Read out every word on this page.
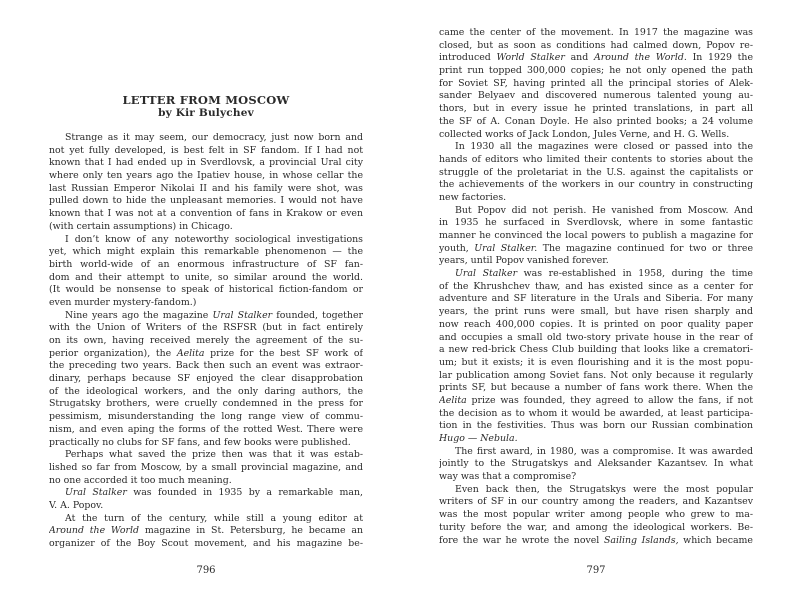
LETTER FROM MOSCOW
by Kir Bulychev
Strange as it may seem, our democracy, just now born and
not yet fully developed, is best felt in SF fandom. If I had not
known that I had ended up in Sverdlovsk, a provincial Ural city
where only ten years ago the Ipatiev house, in whose cellar the
last Russian Emperor Nikolai II and his family were shot, was
pulled down to hide the unpleasant memories. I would not have
known that I was not at a convention of fans in Krakow or even
(with certain assumptions) in Chicago.
I don’t know of any noteworthy sociological investigations
yet, which might explain this remarkable phenomenon — the
birth world-wide of an enormous infrastructure of SF fan-
dom and their attempt to unite, so similar around the world.
(It would be nonsense to speak of historical fiction-fandom or
even murder mystery-fandom.)
Nine years ago the magazine Ural Stalker founded, together
with the Union of Writers of the RSFSR (but in fact entirely
on its own, having received merely the agreement of the su-
perior organization), the Aelita prize for the best SF work of
the preceding two years. Back then such an event was extraor-
dinary, perhaps because SF enjoyed the clear disapprobation
of the ideological workers, and the only daring authors, the
Strugatsky brothers, were cruelly condemned in the press for
pessimism, misunderstanding the long range view of commu-
nism, and even aping the forms of the rotted West. There were
practically no clubs for SF fans, and few books were published.
Perhaps what saved the prize then was that it was estab-
lished so far from Moscow, by a small provincial magazine, and
no one accorded it too much meaning.
Ural Stalker was founded in 1935 by a remarkable man,
V. A. Popov.
At the turn of the century, while still a young editor at
Around the World magazine in St. Petersburg, he became an
organizer of the Boy Scout movement, and his magazine be-
796
came the center of the movement. In 1917 the magazine was
closed, but as soon as conditions had calmed down, Popov re-
introduced World Stalker and Around the World. In 1929 the
print run topped 300,000 copies; he not only opened the path
for Soviet SF, having printed all the principal stories of Alek-
sander Belyaev and discovered numerous talented young au-
thors, but in every issue he printed translations, in part all
the SF of A. Conan Doyle. He also printed books; a 24 volume
collected works of Jack London, Jules Verne, and H. G. Wells.
In 1930 all the magazines were closed or passed into the
hands of editors who limited their contents to stories about the
struggle of the proletariat in the U.S. against the capitalists or
the achievements of the workers in our country in constructing
new factories.
But Popov did not perish. He vanished from Moscow. And
in 1935 he surfaced in Sverdlovsk, where in some fantastic
manner he convinced the local powers to publish a magazine for
youth, Ural Stalker. The magazine continued for two or three
years, until Popov vanished forever.
Ural Stalker was re-established in 1958, during the time
of the Khrushchev thaw, and has existed since as a center for
adventure and SF literature in the Urals and Siberia. For many
years, the print runs were small, but have risen sharply and
now reach 400,000 copies. It is printed on poor quality paper
and occupies a small old two-story private house in the rear of
a new red-brick Chess Club building that looks like a crematori-
um; but it exists; it is even flourishing and it is the most popu-
lar publication among Soviet fans. Not only because it regularly
prints SF, but because a number of fans work there. When the
Aelita prize was founded, they agreed to allow the fans, if not
the decision as to whom it would be awarded, at least participa-
tion in the festivities. Thus was born our Russian combination
Hugo — Nebula.
The first award, in 1980, was a compromise. It was awarded
jointly to the Strugatskys and Aleksander Kazantsev. In what
way was that a compromise?
Even back then, the Strugatskys were the most popular
writers of SF in our country among the readers, and Kazantsev
was the most popular writer among people who grew to ma-
turity before the war, and among the ideological workers. Be-
fore the war he wrote the novel Sailing Islands, which became
797
